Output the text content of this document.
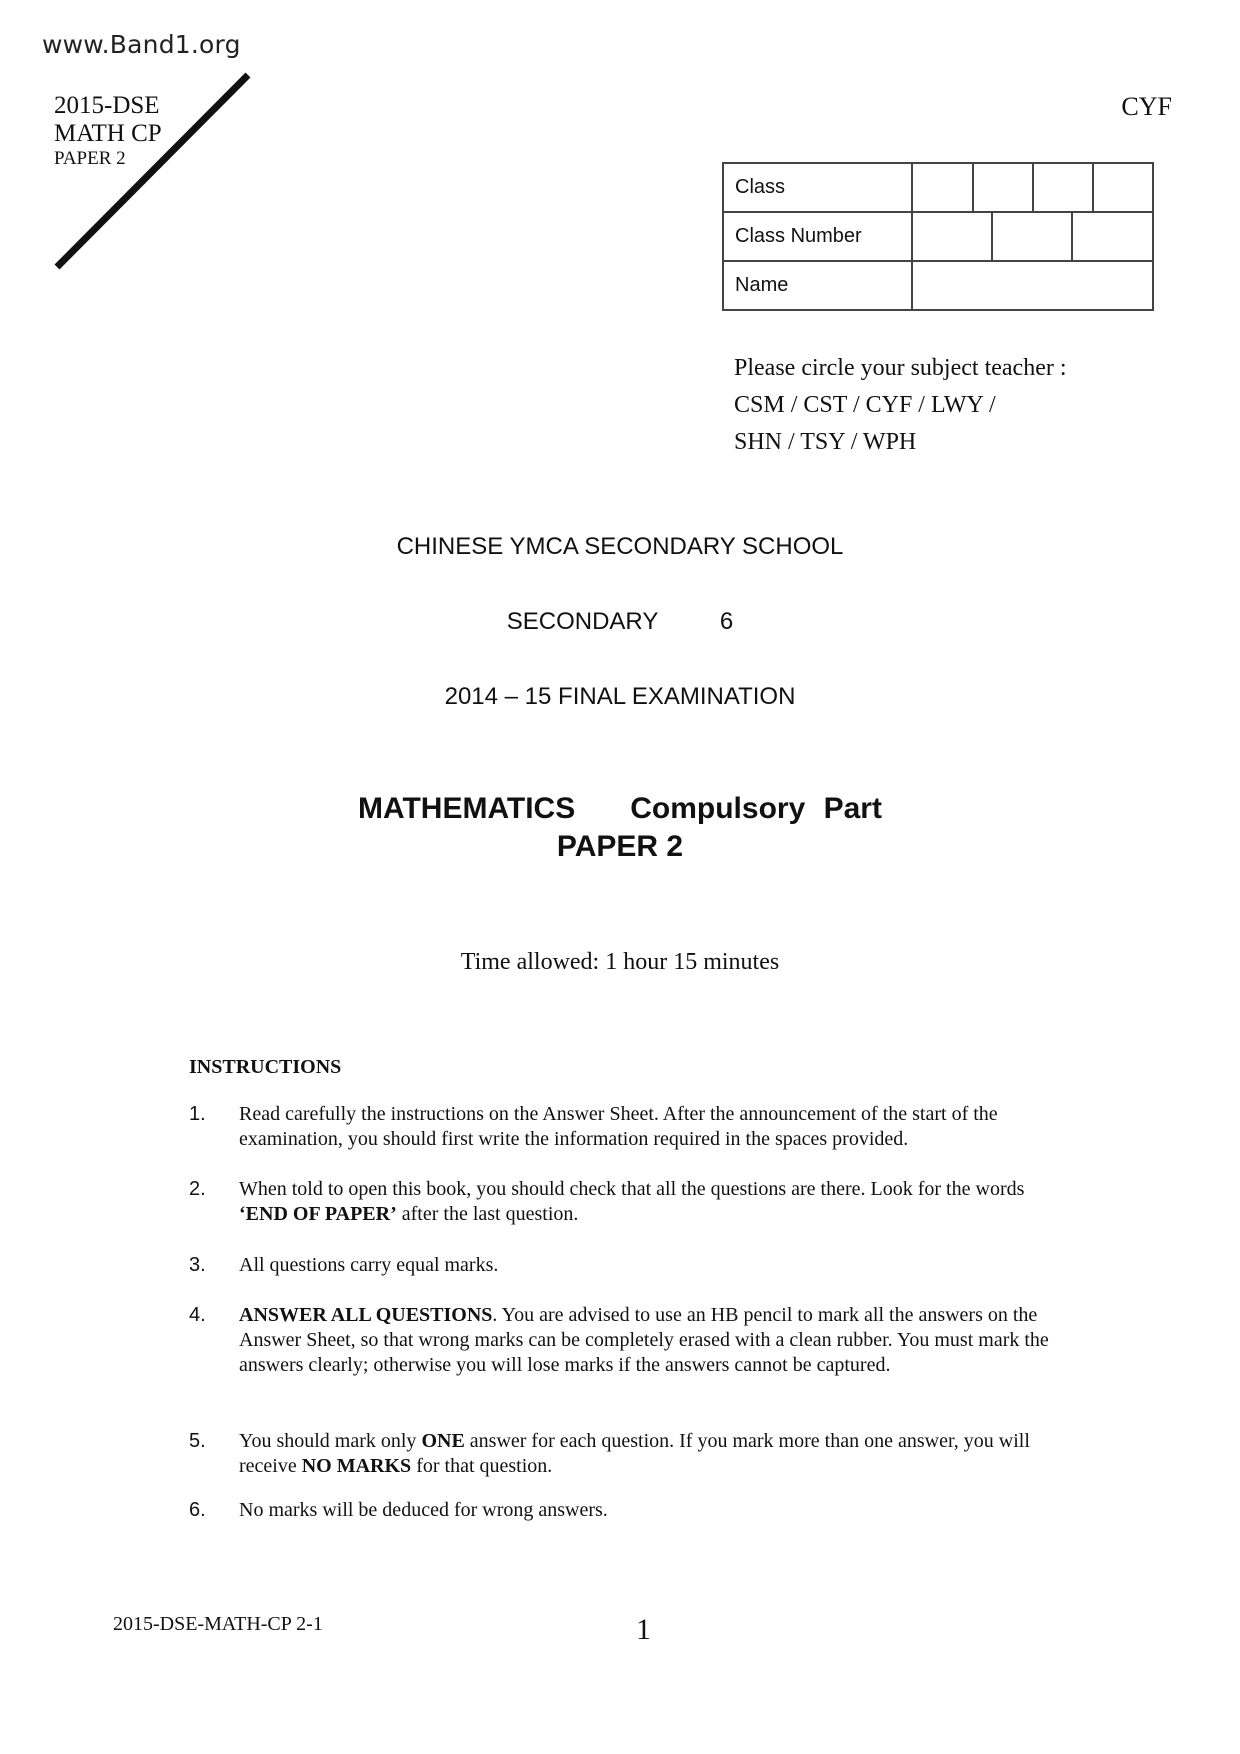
www.Band1.org
2015-DSE
MATH CP
PAPER 2
CYF
Class	

Class Number	

Name	
Please circle your subject teacher :
CSM / CST / CYF / LWY /
SHN / TSY / WPH
CHINESE YMCA SECONDARY SCHOOL
SECONDARY   6
2014 – 15 FINAL EXAMINATION
MATHEMATICS   Compulsory Part
PAPER 2
Time allowed: 1 hour 15 minutes
INSTRUCTIONS
1.	Read carefully the instructions on the Answer Sheet. After the announcement of the start of the examination, you should first write the information required in the spaces provided.
2.	When told to open this book, you should check that all the questions are there. Look for the words ‘END OF PAPER’ after the last question.
3.	All questions carry equal marks.
4.	ANSWER ALL QUESTIONS. You are advised to use an HB pencil to mark all the answers on the Answer Sheet, so that wrong marks can be completely erased with a clean rubber. You must mark the answers clearly; otherwise you will lose marks if the answers cannot be captured.
5.	You should mark only ONE answer for each question. If you mark more than one answer, you will receive NO MARKS for that question.
6.	No marks will be deduced for wrong answers.
2015-DSE-MATH-CP 2-1	1
